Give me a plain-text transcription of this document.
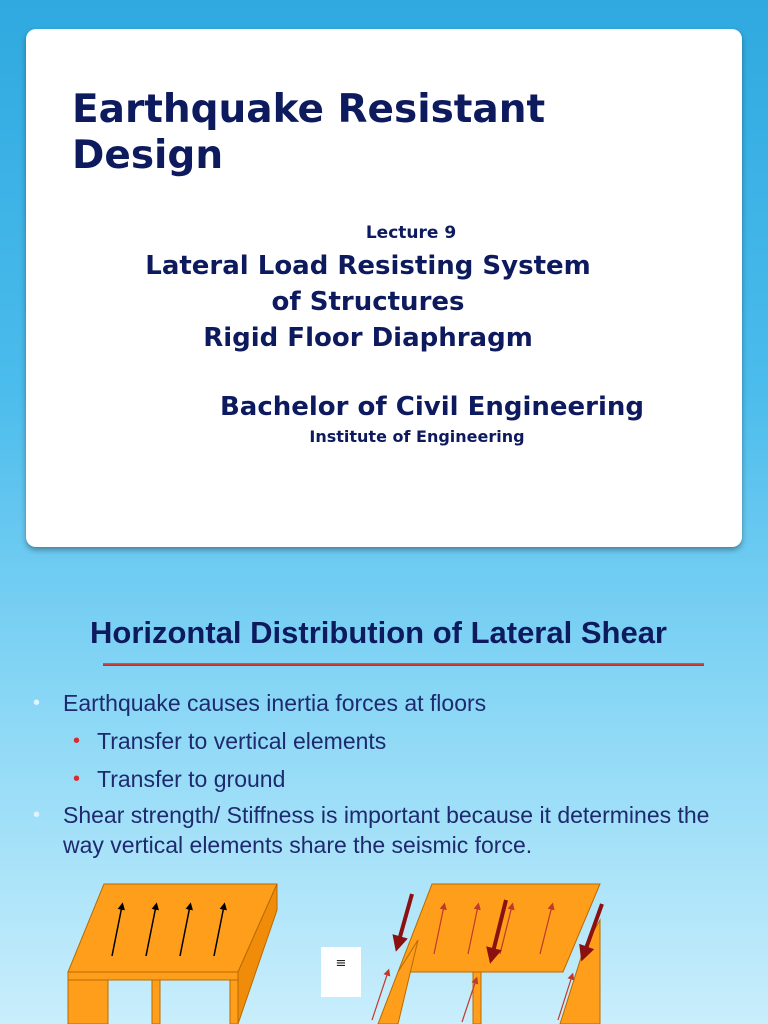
Earthquake Resistant Design
Lecture 9
Lateral Load Resisting System
of Structures
Rigid Floor Diaphragm
Bachelor of Civil Engineering
Institute of Engineering
Horizontal Distribution of Lateral Shear
• Earthquake causes inertia forces at floors
• Transfer to vertical elements
• Transfer to ground
• Shear strength/ Stiffness is important because it determines the way vertical elements share the seismic force.
≡
